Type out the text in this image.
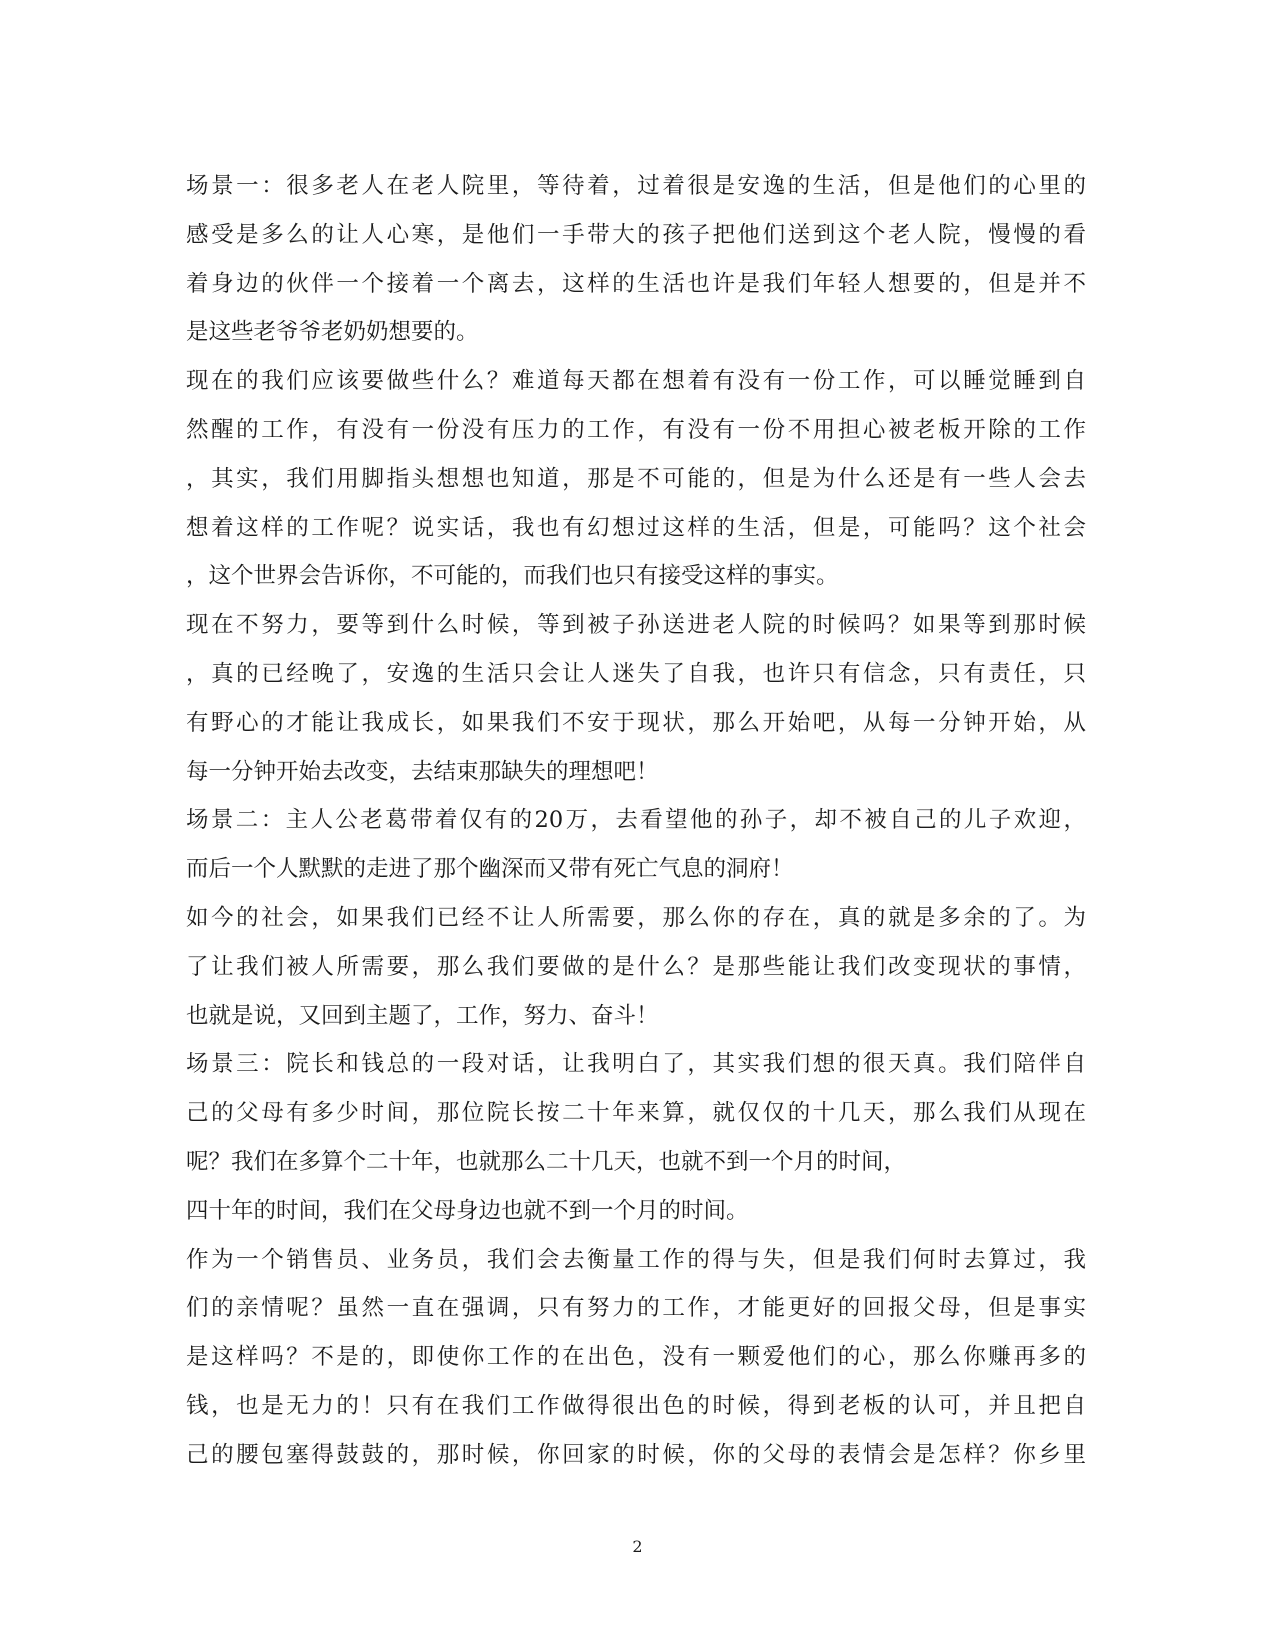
场景一：很多老人在老人院里，等待着，过着很是安逸的生活，但是他们的心里的
感受是多么的让人心寒，是他们一手带大的孩子把他们送到这个老人院，慢慢的看
着身边的伙伴一个接着一个离去，这样的生活也许是我们年轻人想要的，但是并不
是这些老爷爷老奶奶想要的。
现在的我们应该要做些什么？难道每天都在想着有没有一份工作，可以睡觉睡到自
然醒的工作，有没有一份没有压力的工作，有没有一份不用担心被老板开除的工作
，其实，我们用脚指头想想也知道，那是不可能的，但是为什么还是有一些人会去
想着这样的工作呢？说实话，我也有幻想过这样的生活，但是，可能吗？这个社会
，这个世界会告诉你，不可能的，而我们也只有接受这样的事实。
现在不努力，要等到什么时候，等到被子孙送进老人院的时候吗？如果等到那时候
，真的已经晚了，安逸的生活只会让人迷失了自我，也许只有信念，只有责任，只
有野心的才能让我成长，如果我们不安于现状，那么开始吧，从每一分钟开始，从
每一分钟开始去改变，去结束那缺失的理想吧！
场景二：主人公老葛带着仅有的20万，去看望他的孙子，却不被自己的儿子欢迎，
而后一个人默默的走进了那个幽深而又带有死亡气息的洞府！
如今的社会，如果我们已经不让人所需要，那么你的存在，真的就是多余的了。为
了让我们被人所需要，那么我们要做的是什么？是那些能让我们改变现状的事情，
也就是说，又回到主题了，工作，努力、奋斗！
场景三：院长和钱总的一段对话，让我明白了，其实我们想的很天真。我们陪伴自
己的父母有多少时间，那位院长按二十年来算，就仅仅的十几天，那么我们从现在
呢？我们在多算个二十年，也就那么二十几天，也就不到一个月的时间，
四十年的时间，我们在父母身边也就不到一个月的时间。
作为一个销售员、业务员，我们会去衡量工作的得与失，但是我们何时去算过，我
们的亲情呢？虽然一直在强调，只有努力的工作，才能更好的回报父母，但是事实
是这样吗？不是的，即使你工作的在出色，没有一颗爱他们的心，那么你赚再多的
钱，也是无力的！只有在我们工作做得很出色的时候，得到老板的认可，并且把自
己的腰包塞得鼓鼓的，那时候，你回家的时候，你的父母的表情会是怎样？你乡里
2
